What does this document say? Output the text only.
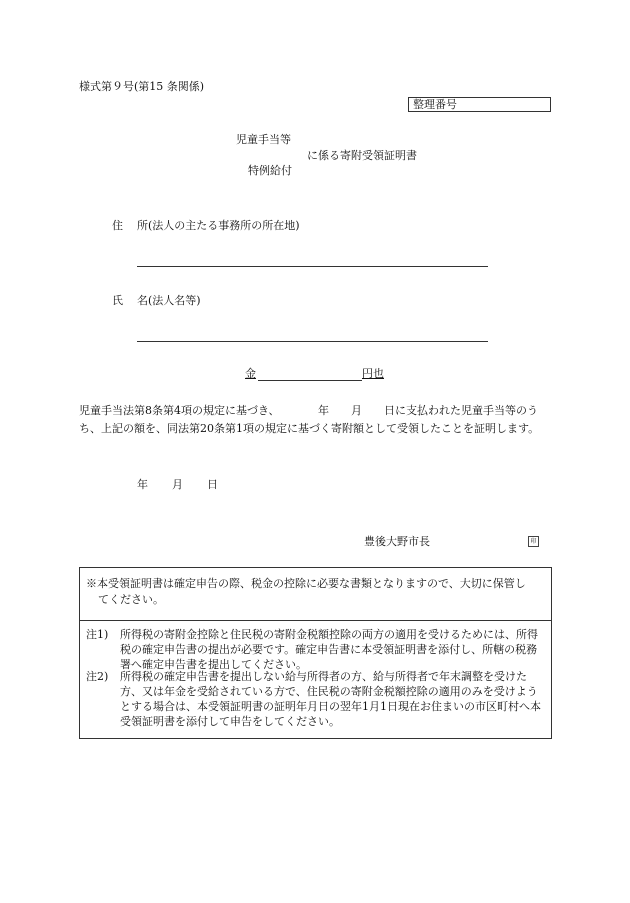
様式第９号(第15 条関係)
整理番号
児童手当等
に係る寄附受領証明書
特例給付
住 所(法人の主たる事務所の所在地)
氏 名(法人名等)
金	円也
児童手当法第8条第4項の規定に基づき、　　　　年　　月　　日に支払われた児童手当等のうち、上記の額を、同法第20条第1項の規定に基づく寄附額として受領したことを証明します。
年 月 日
豊後大野市長	印
※本受領証明書は確定申告の際、税金の控除に必要な書類となりますので、大切に保管し
てください。
注1) 所得税の寄附金控除と住民税の寄附金税額控除の両方の適用を受けるためには、所得税の確定申告書の提出が必要です。確定申告書に本受領証明書を添付し、所轄の税務署へ確定申告書を提出してください。
注2) 所得税の確定申告書を提出しない給与所得者の方、給与所得者で年末調整を受けた方、又は年金を受給されている方で、住民税の寄附金税額控除の適用のみを受けようとする場合は、本受領証明書の証明年月日の翌年1月1日現在お住まいの市区町村へ本受領証明書を添付して申告をしてください。
